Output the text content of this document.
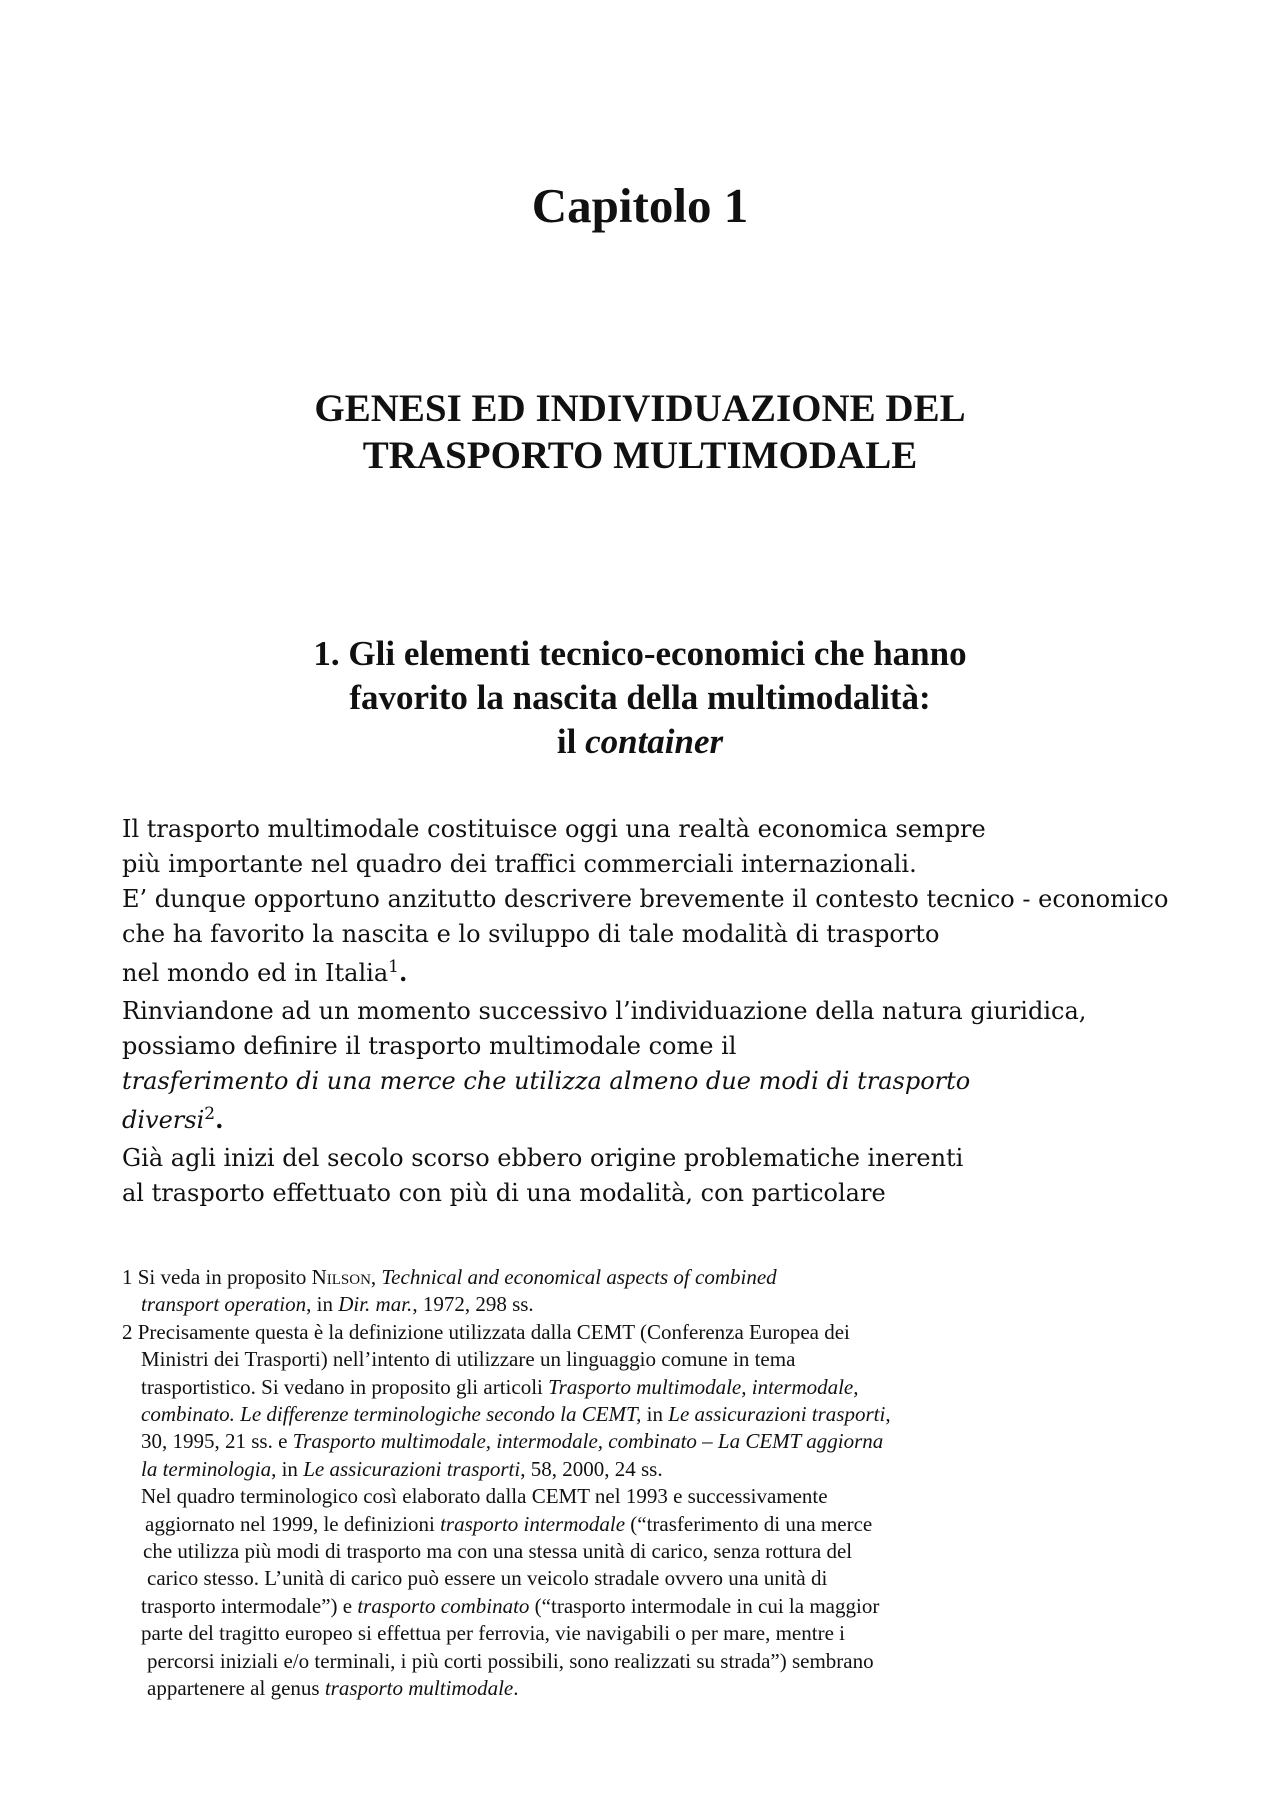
Capitolo 1
GENESI ED INDIVIDUAZIONE DEL
TRASPORTO MULTIMODALE
1. Gli elementi tecnico-economici che hanno
favorito la nascita della multimodalità:
il container
Il trasporto multimodale costituisce oggi una realtà economica sempre
più importante nel quadro dei traffici commerciali internazionali.
E’ dunque opportuno anzitutto descrivere brevemente il contesto tecnico - economico
che ha favorito la nascita e lo sviluppo di tale modalità di trasporto
nel mondo ed in Italia$^1$.
Rinviandone ad un momento successivo l’individuazione della natura giuridica,
possiamo definire il trasporto multimodale come il
trasferimento di una merce che utilizza almeno due modi di trasporto
diversi$^2$.
Già agli inizi del secolo scorso ebbero origine problematiche inerenti
al trasporto effettuato con più di una modalità, con particolare
1 Si veda in proposito Nilson, Technical and economical aspects of combined
transport operation, in Dir. mar., 1972, 298 ss.
2 Precisamente questa è la definizione utilizzata dalla CEMT (Conferenza Europea dei
Ministri dei Trasporti) nell’intento di utilizzare un linguaggio comune in tema
trasportistico. Si vedano in proposito gli articoli Trasporto multimodale, intermodale,
combinato. Le differenze terminologiche secondo la CEMT, in Le assicurazioni trasporti,
30, 1995, 21 ss. e Trasporto multimodale, intermodale, combinato – La CEMT aggiorna
la terminologia, in Le assicurazioni trasporti, 58, 2000, 24 ss.
Nel quadro terminologico così elaborato dalla CEMT nel 1993 e successivamente
aggiornato nel 1999, le definizioni trasporto intermodale (“trasferimento di una merce
che utilizza più modi di trasporto ma con una stessa unità di carico, senza rottura del
carico stesso. L’unità di carico può essere un veicolo stradale ovvero una unità di
trasporto intermodale”) e trasporto combinato (“trasporto intermodale in cui la maggior
parte del tragitto europeo si effettua per ferrovia, vie navigabili o per mare, mentre i
percorsi iniziali e/o terminali, i più corti possibili, sono realizzati su strada”) sembrano
appartenere al genus trasporto multimodale.
